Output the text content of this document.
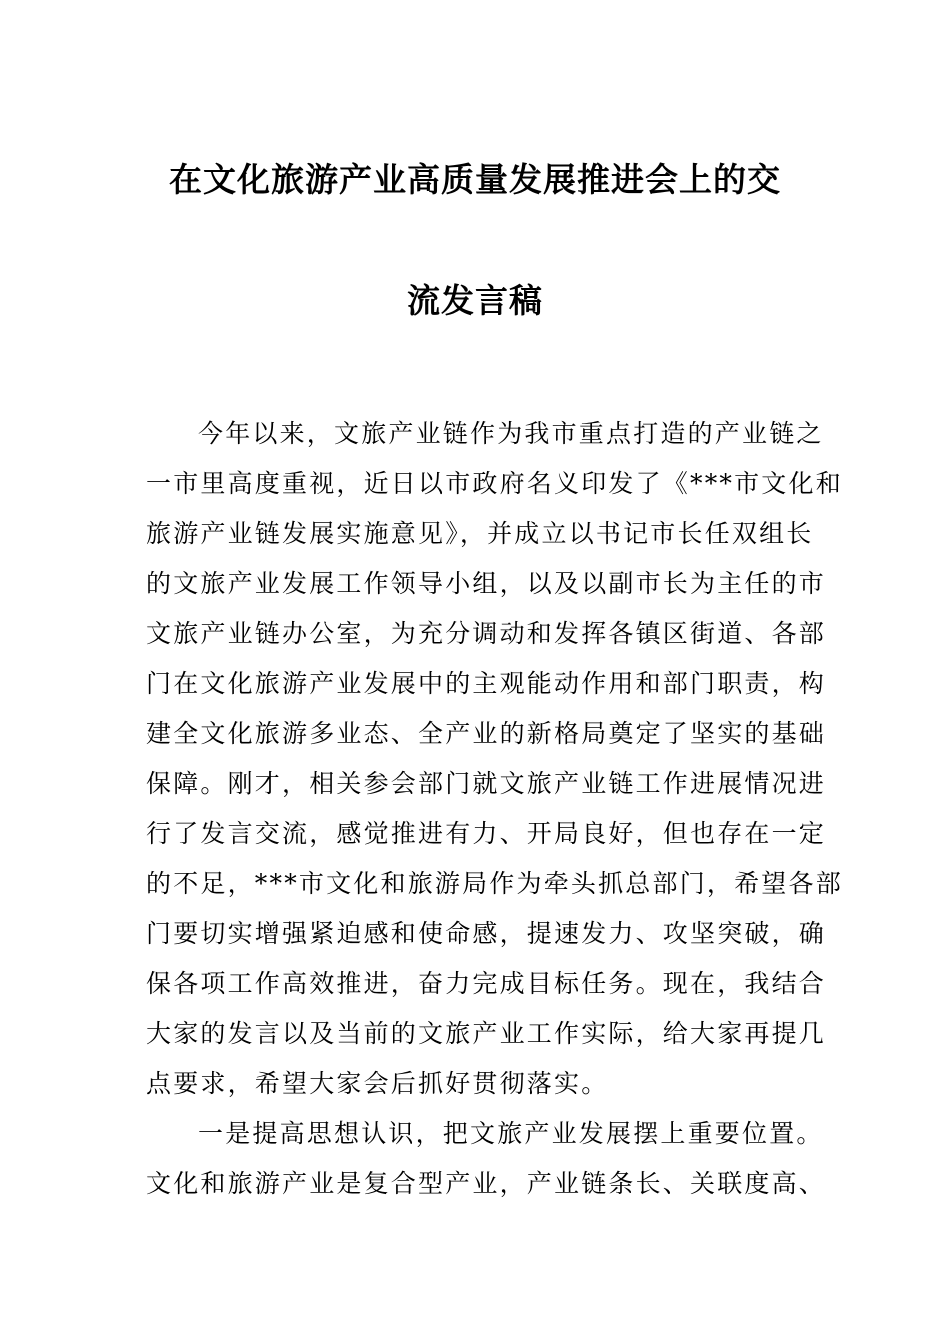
在文化旅游产业高质量发展推进会上的交
流发言稿
今年以来，文旅产业链作为我市重点打造的产业链之
一市里高度重视，近日以市政府名义印发了《***市文化和
旅游产业链发展实施意见》，并成立以书记市长任双组长
的文旅产业发展工作领导小组，以及以副市长为主任的市
文旅产业链办公室，为充分调动和发挥各镇区街道、各部
门在文化旅游产业发展中的主观能动作用和部门职责，构
建全文化旅游多业态、全产业的新格局奠定了坚实的基础
保障。刚才，相关参会部门就文旅产业链工作进展情况进
行了发言交流，感觉推进有力、开局良好，但也存在一定
的不足，***市文化和旅游局作为牵头抓总部门，希望各部
门要切实增强紧迫感和使命感，提速发力、攻坚突破，确
保各项工作高效推进，奋力完成目标任务。现在，我结合
大家的发言以及当前的文旅产业工作实际，给大家再提几
点要求，希望大家会后抓好贯彻落实。
一是提高思想认识，把文旅产业发展摆上重要位置。
文化和旅游产业是复合型产业，产业链条长、关联度高、
